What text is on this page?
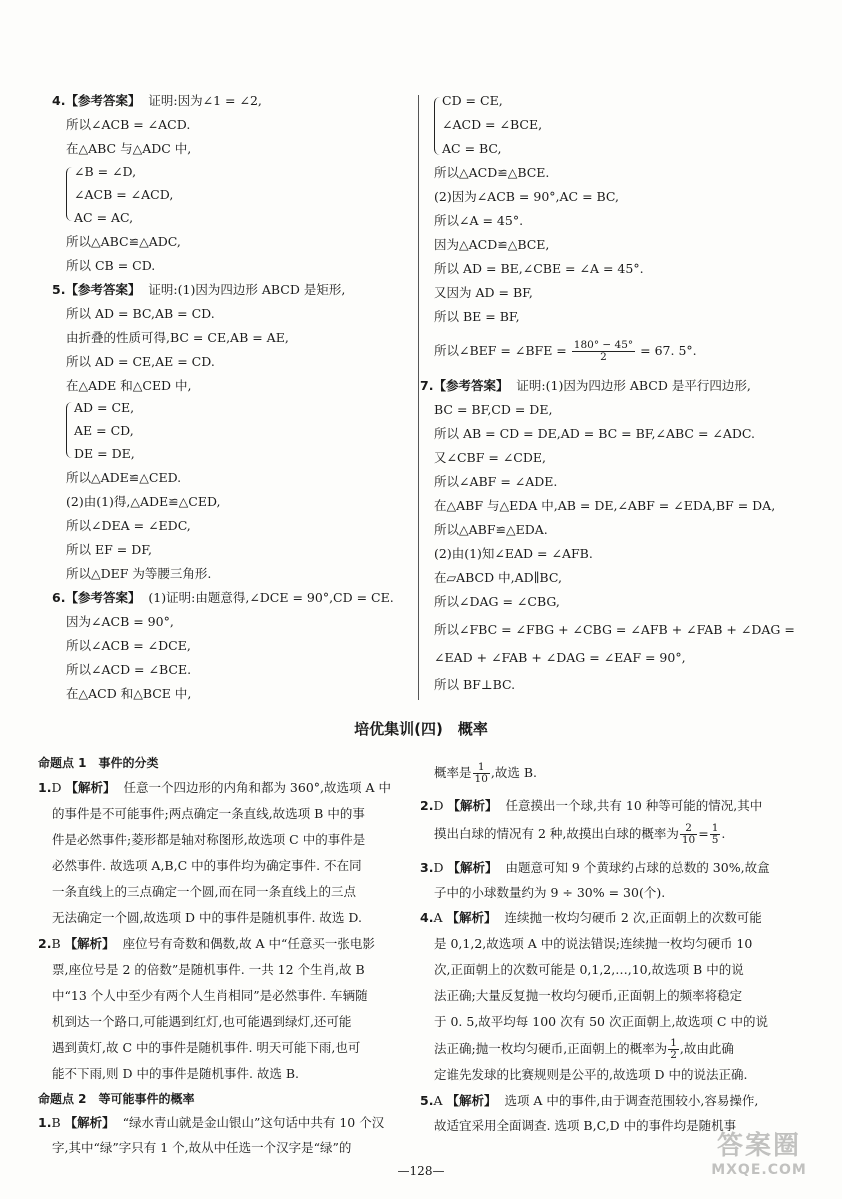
4.【参考答案】 证明:因为∠1 = ∠2,
所以∠ACB = ∠ACD.
在△ABC 与△ADC 中,
∠B = ∠D,
∠ACB = ∠ACD,
AC = AC,
所以△ABC≌△ADC,
所以 CB = CD.
5.【参考答案】 证明:(1)因为四边形 ABCD 是矩形,
所以 AD = BC,AB = CD.
由折叠的性质可得,BC = CE,AB = AE,
所以 AD = CE,AE = CD.
在△ADE 和△CED 中,
AD = CE,
AE = CD,
DE = DE,
所以△ADE≌△CED.
(2)由(1)得,△ADE≌△CED,
所以∠DEA = ∠EDC,
所以 EF = DF,
所以△DEF 为等腰三角形.
6.【参考答案】 (1)证明:由题意得,∠DCE = 90°,CD = CE.
因为∠ACB = 90°,
所以∠ACB = ∠DCE,
所以∠ACD = ∠BCE.
在△ACD 和△BCE 中,
CD = CE,
∠ACD = ∠BCE,
AC = BC,
所以△ACD≌△BCE.
(2)因为∠ACB = 90°,AC = BC,
所以∠A = 45°.
因为△ACD≌△BCE,
所以 AD = BE,∠CBE = ∠A = 45°.
又因为 AD = BF,
所以 BE = BF,
所以∠BEF = ∠BFE = $\frac{180^\circ - 45^\circ}{2} = 67$. 5°.
7.【参考答案】 证明:(1)因为四边形 ABCD 是平行四边形,
BC = BF,CD = DE,
所以 AB = CD = DE,AD = BC = BF,∠ABC = ∠ADC.
又∠CBF = ∠CDE,
所以∠ABF = ∠ADE.
在△ABF 与△EDA 中,AB = DE,∠ABF = ∠EDA,BF = DA,
所以△ABF≌△EDA.
(2)由(1)知∠EAD = ∠AFB.
在▱ABCD 中,AD∥BC,
所以∠DAG = ∠CBG,
所以∠FBC = ∠FBG + ∠CBG = ∠AFB + ∠FAB + ∠DAG =
∠EAD + ∠FAB + ∠DAG = ∠EAF = 90°,
所以 BF⊥BC.
培优集训(四)　概率
命题点 1　事件的分类
1.D 【解析】 任意一个四边形的内角和都为 360°,故选项 A 中
的事件是不可能事件;两点确定一条直线,故选项 B 中的事
件是必然事件;菱形都是轴对称图形,故选项 C 中的事件是
必然事件. 故选项 A,B,C 中的事件均为确定事件. 不在同
一条直线上的三点确定一个圆,而在同一条直线上的三点
无法确定一个圆,故选项 D 中的事件是随机事件. 故选 D.
2.B 【解析】 座位号有奇数和偶数,故 A 中“任意买一张电影
票,座位号是 2 的倍数”是随机事件. 一共 12 个生肖,故 B
中“13 个人中至少有两个人生肖相同”是必然事件. 车辆随
机到达一个路口,可能遇到红灯,也可能遇到绿灯,还可能
遇到黄灯,故 C 中的事件是随机事件. 明天可能下雨,也可
能不下雨,则 D 中的事件是随机事件. 故选 B.
命题点 2　等可能事件的概率
1.B 【解析】 “绿水青山就是金山银山”这句话中共有 10 个汉
字,其中“绿”字只有 1 个,故从中任选一个汉字是“绿”的
概率是 $\frac{1}{10}$ ,故选 B.
2.D 【解析】 任意摸出一个球,共有 10 种等可能的情况,其中
摸出白球的情况有 2 种,故摸出白球的概率为 $\frac{2}{10} = \frac{1}{5}$ .
3.D 【解析】 由题意可知 9 个黄球约占球的总数的 30%,故盒
子中的小球数量约为 9 ÷ 30% = 30(个).
4.A 【解析】 连续抛一枚均匀硬币 2 次,正面朝上的次数可能
是 0,1,2,故选项 A 中的说法错误;连续抛一枚均匀硬币 10
次,正面朝上的次数可能是 0,1,2,…,10,故选项 B 中的说
法正确;大量反复抛一枚均匀硬币,正面朝上的频率将稳定
于 0. 5,故平均每 100 次有 50 次正面朝上,故选项 C 中的说
法正确;抛一枚均匀硬币,正面朝上的概率为 $\frac{1}{2}$ ,故由此确
定谁先发球的比赛规则是公平的,故选项 D 中的说法正确.
5.A 【解析】 选项 A 中的事件,由于调查范围较小,容易操作,
故适宜采用全面调查. 选项 B,C,D 中的事件均是随机事
—128—
答案圈
MXQE.COM
